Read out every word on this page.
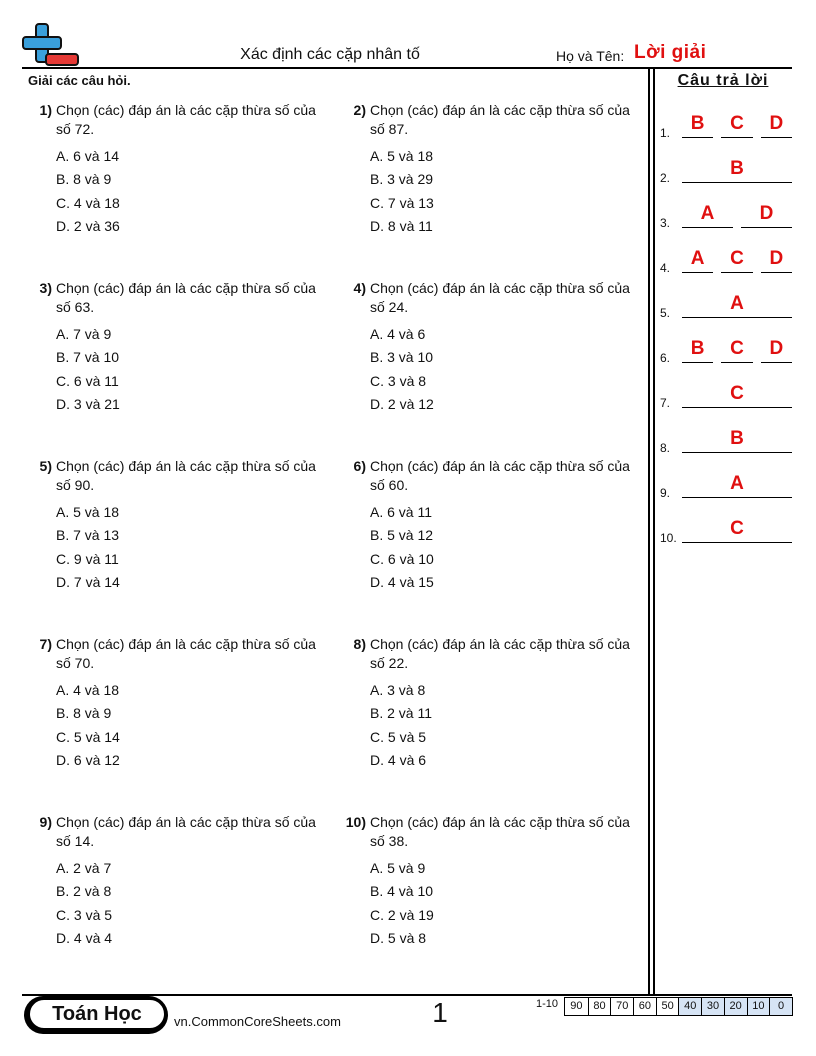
Xác định các cặp nhân tố	Họ và Tên: Lời giải
Giải các câu hỏi.
1) Chọn (các) đáp án là các cặp thừa số của số 72.
A. 6 và 14
B. 8 và 9
C. 4 và 18
D. 2 và 36
2) Chọn (các) đáp án là các cặp thừa số của số 87.
A. 5 và 18
B. 3 và 29
C. 7 và 13
D. 8 và 11
3) Chọn (các) đáp án là các cặp thừa số của số 63.
A. 7 và 9
B. 7 và 10
C. 6 và 11
D. 3 và 21
4) Chọn (các) đáp án là các cặp thừa số của số 24.
A. 4 và 6
B. 3 và 10
C. 3 và 8
D. 2 và 12
5) Chọn (các) đáp án là các cặp thừa số của số 90.
A. 5 và 18
B. 7 và 13
C. 9 và 11
D. 7 và 14
6) Chọn (các) đáp án là các cặp thừa số của số 60.
A. 6 và 11
B. 5 và 12
C. 6 và 10
D. 4 và 15
7) Chọn (các) đáp án là các cặp thừa số của số 70.
A. 4 và 18
B. 8 và 9
C. 5 và 14
D. 6 và 12
8) Chọn (các) đáp án là các cặp thừa số của số 22.
A. 3 và 8
B. 2 và 11
C. 5 và 5
D. 4 và 6
9) Chọn (các) đáp án là các cặp thừa số của số 14.
A. 2 và 7
B. 2 và 8
C. 3 và 5
D. 4 và 4
10) Chọn (các) đáp án là các cặp thừa số của số 38.
A. 5 và 9
B. 4 và 10
C. 2 và 19
D. 5 và 8
Câu trả lời
1.	B	C	D
2.	B
3.	A	D
4.	A	C	D
5.	A
6.	B	C	D
7.	C
8.	B
9.	A
10.	C
Toán Học	vn.CommonCoreSheets.com	1	1-10	90 80 70 60 50 40 30 20 10	0
